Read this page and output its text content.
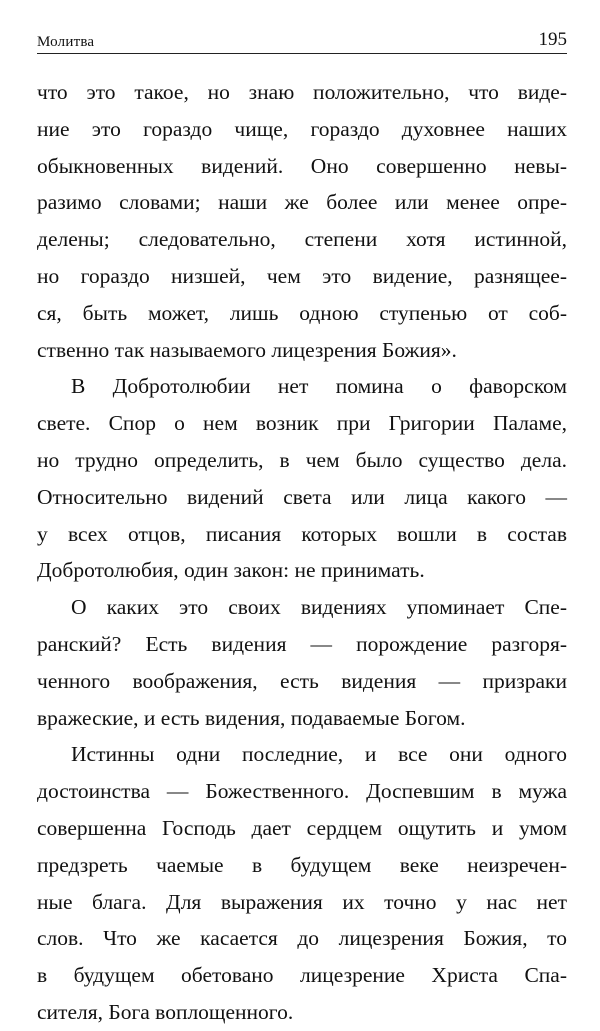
Молитва	195
что это такое, но знаю положительно, что виде-
ние это гораздо чище, гораздо духовнее наших
обыкновенных видений. Оно совершенно невы-
разимо словами; наши же более или менее опре-
делены; следовательно, степени хотя истинной,
но гораздо низшей, чем это видение, разнящее-
ся, быть может, лишь одною ступенью от соб-
ственно так называемого лицезрения Божия».
В Добротолюбии нет помина о фаворском
свете. Спор о нем возник при Григории Паламе,
но трудно определить, в чем было существо дела.
Относительно видений света или лица какого —
у всех отцов, писания которых вошли в состав
Добротолюбия, один закон: не принимать.
О каких это своих видениях упоминает Спе-
ранский? Есть видения — порождение разгоря-
ченного воображения, есть видения — призраки
вражеские, и есть видения, подаваемые Богом.
Истинны одни последние, и все они одного
достоинства — Божественного. Доспевшим в мужа
совершенна Господь дает сердцем ощутить и умом
предзреть чаемые в будущем веке неизречен-
ные блага. Для выражения их точно у нас нет
слов. Что же касается до лицезрения Божия, то
в будущем обетовано лицезрение Христа Спа-
сителя, Бога воплощенного.
